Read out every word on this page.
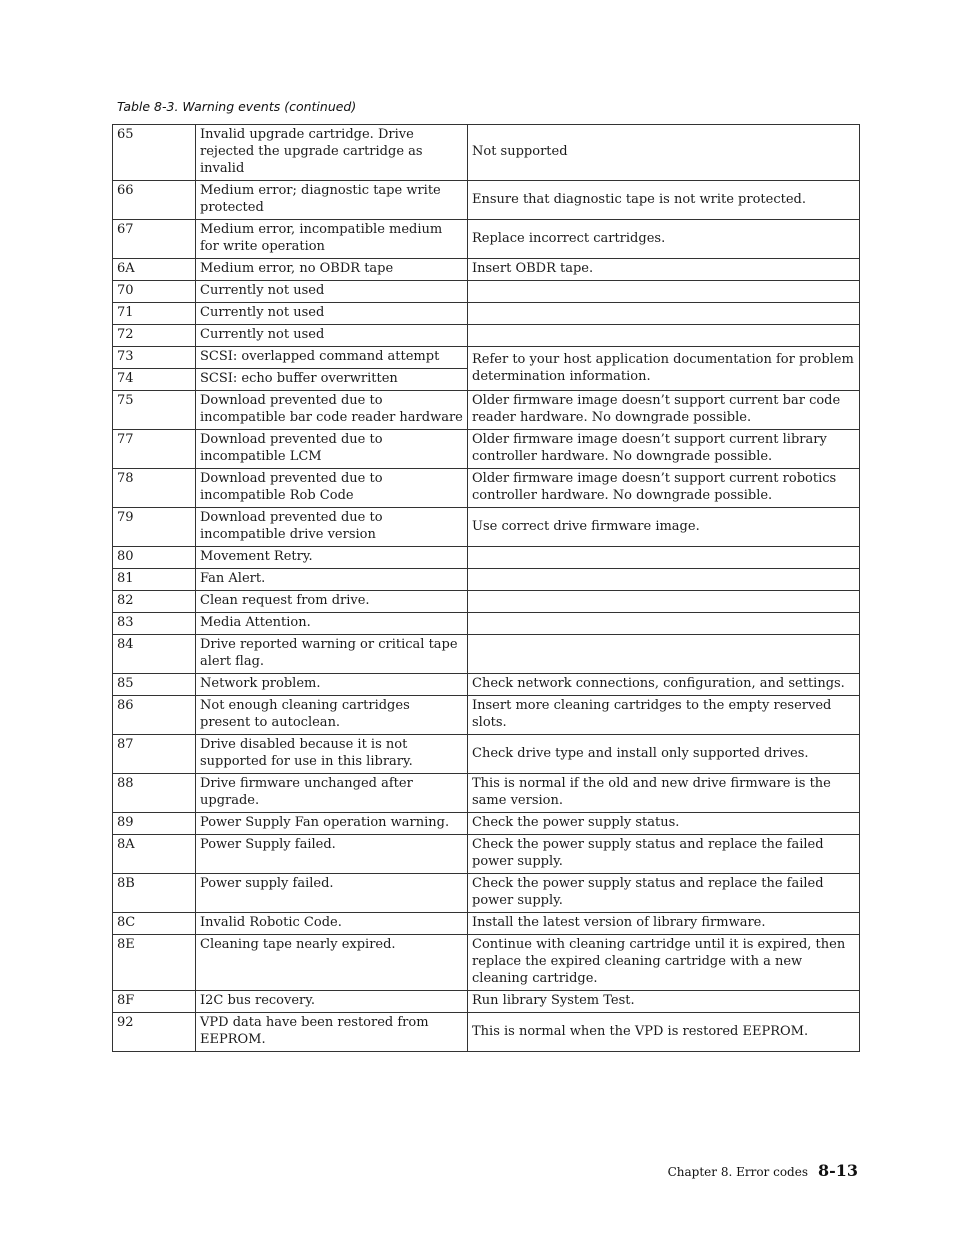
Table 8-3. Warning events (continued)
65	Invalid upgrade cartridge. Drive rejected the upgrade cartridge as invalid	Not supported
66	Medium error; diagnostic tape write protected	Ensure that diagnostic tape is not write protected.
67	Medium error, incompatible medium for write operation	Replace incorrect cartridges.
6A	Medium error, no OBDR tape	Insert OBDR tape.
70	Currently not used	
71	Currently not used	
72	Currently not used	
73	SCSI: overlapped command attempt	Refer to your host application documentation for problem determination information.
74	SCSI: echo buffer overwritten	
75	Download prevented due to incompatible bar code reader hardware	Older firmware image doesn’t support current bar code reader hardware. No downgrade possible.
77	Download prevented due to incompatible LCM	Older firmware image doesn’t support current library controller hardware. No downgrade possible.
78	Download prevented due to incompatible Rob Code	Older firmware image doesn’t support current robotics controller hardware. No downgrade possible.
79	Download prevented due to incompatible drive version	Use correct drive firmware image.
80	Movement Retry.	
81	Fan Alert.	
82	Clean request from drive.	
83	Media Attention.	
84	Drive reported warning or critical tape alert flag.	
85	Network problem.	Check network connections, configuration, and settings.
86	Not enough cleaning cartridges present to autoclean.	Insert more cleaning cartridges to the empty reserved slots.
87	Drive disabled because it is not supported for use in this library.	Check drive type and install only supported drives.
88	Drive firmware unchanged after upgrade.	This is normal if the old and new drive firmware is the same version.
89	Power Supply Fan operation warning.	Check the power supply status.
8A	Power Supply failed.	Check the power supply status and replace the failed power supply.
8B	Power supply failed.	Check the power supply status and replace the failed power supply.
8C	Invalid Robotic Code.	Install the latest version of library firmware.
8E	Cleaning tape nearly expired.	Continue with cleaning cartridge until it is expired, then replace the expired cleaning cartridge with a new cleaning cartridge.
8F	I2C bus recovery.	Run library System Test.
92	VPD data have been restored from EEPROM.	This is normal when the VPD is restored EEPROM.
Chapter 8. Error codes 8-13
